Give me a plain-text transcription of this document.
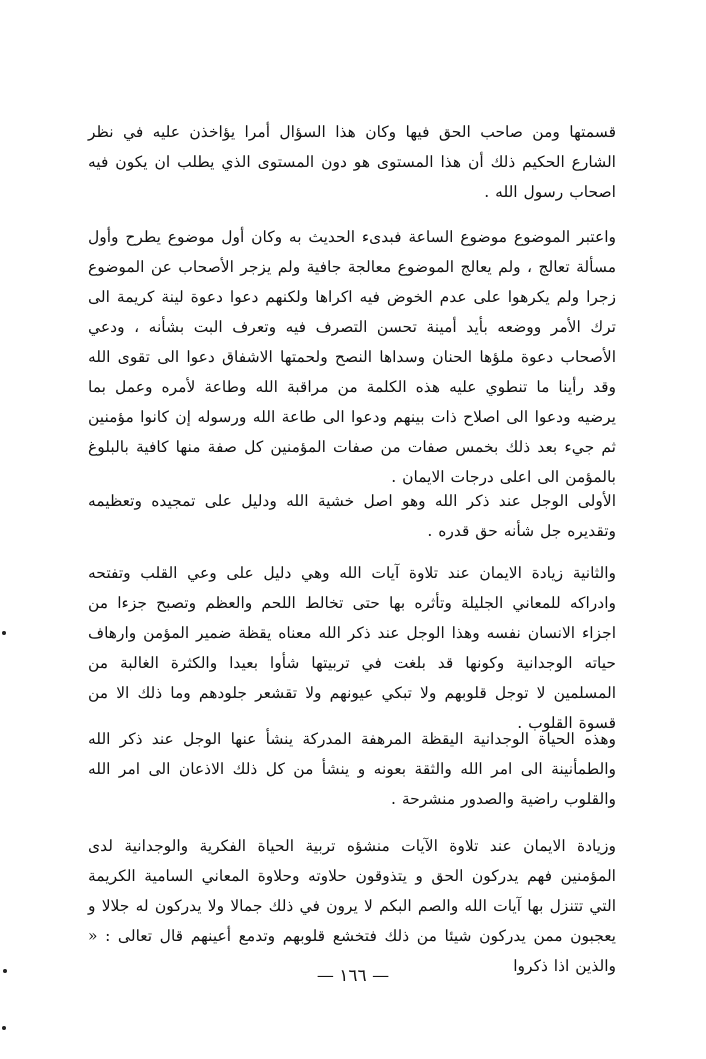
قسمتها ومن صاحب الحق فيها وكان هذا السؤال أمرا يؤاخذن عليه في نظر الشارع الحكيم ذلك أن هذا المستوى هو دون المستوى الذي يطلب ان يكون فيه اصحاب رسول الله .

واعتبر الموضوع موضوع الساعة فبدىء الحديث به وكان أول موضوع يطرح وأول مسألة تعالج ، ولم يعالج الموضوع معالجة جافية ولم يزجر الأصحاب عن الموضوع زجرا ولم يكرهوا على عدم الخوض فيه اكراها ولكنهم دعوا دعوة لينة كريمة الى ترك الأمر ووضعه بأيد أمينة تحسن التصرف فيه وتعرف البت بشأنه ، ودعي الأصحاب دعوة ملؤها الحنان وسداها النصح ولحمتها الاشفاق دعوا الى تقوى الله وقد رأينا ما تنطوي عليه هذه الكلمة من مراقبة الله وطاعة لأمره وعمل بما يرضيه ودعوا الى اصلاح ذات بينهم ودعوا الى طاعة الله ورسوله إن كانوا مؤمنين ثم جيء بعد ذلك بخمس صفات من صفات المؤمنين كل صفة منها كافية بالبلوغ بالمؤمن الى اعلى درجات الايمان .

الأولى الوجل عند ذكر الله وهو اصل خشية الله ودليل على تمجيده وتعظيمه وتقديره جل شأنه حق قدره .

والثانية زيادة الايمان عند تلاوة آيات الله وهي دليل على وعي القلب وتفتحه وادراكه للمعاني الجليلة وتأثره بها حتى تخالط اللحم والعظم وتصبح جزءا من اجزاء الانسان نفسه وهذا الوجل عند ذكر الله معناه يقظة ضمير المؤمن وارهاف حياته الوجدانية وكونها قد بلغت في تربيتها شأوا بعيدا والكثرة الغالبة من المسلمين لا توجل قلوبهم ولا تبكي عيونهم ولا تقشعر جلودهم وما ذلك الا من قسوة القلوب .

وهذه الحياة الوجدانية اليقظة المرهفة المدركة ينشأ عنها الوجل عند ذكر الله والطمأنينة الى امر الله والثقة بعونه و ينشأ من كل ذلك الاذعان الى امر الله والقلوب راضية والصدور منشرحة .

وزيادة الايمان عند تلاوة الآيات منشؤه تربية الحياة الفكرية والوجدانية لدى المؤمنين فهم يدركون الحق و يتذوقون حلاوته وحلاوة المعاني السامية الكريمة التي تتنزل بها آيات الله والصم البكم لا يرون في ذلك جمالا ولا يدركون له جلالا و يعجبون ممن يدركون شيئا من ذلك فتخشع قلوبهم وتدمع أعينهم قال تعالى : « والذين اذا ذكروا

— ١٦٦ —
